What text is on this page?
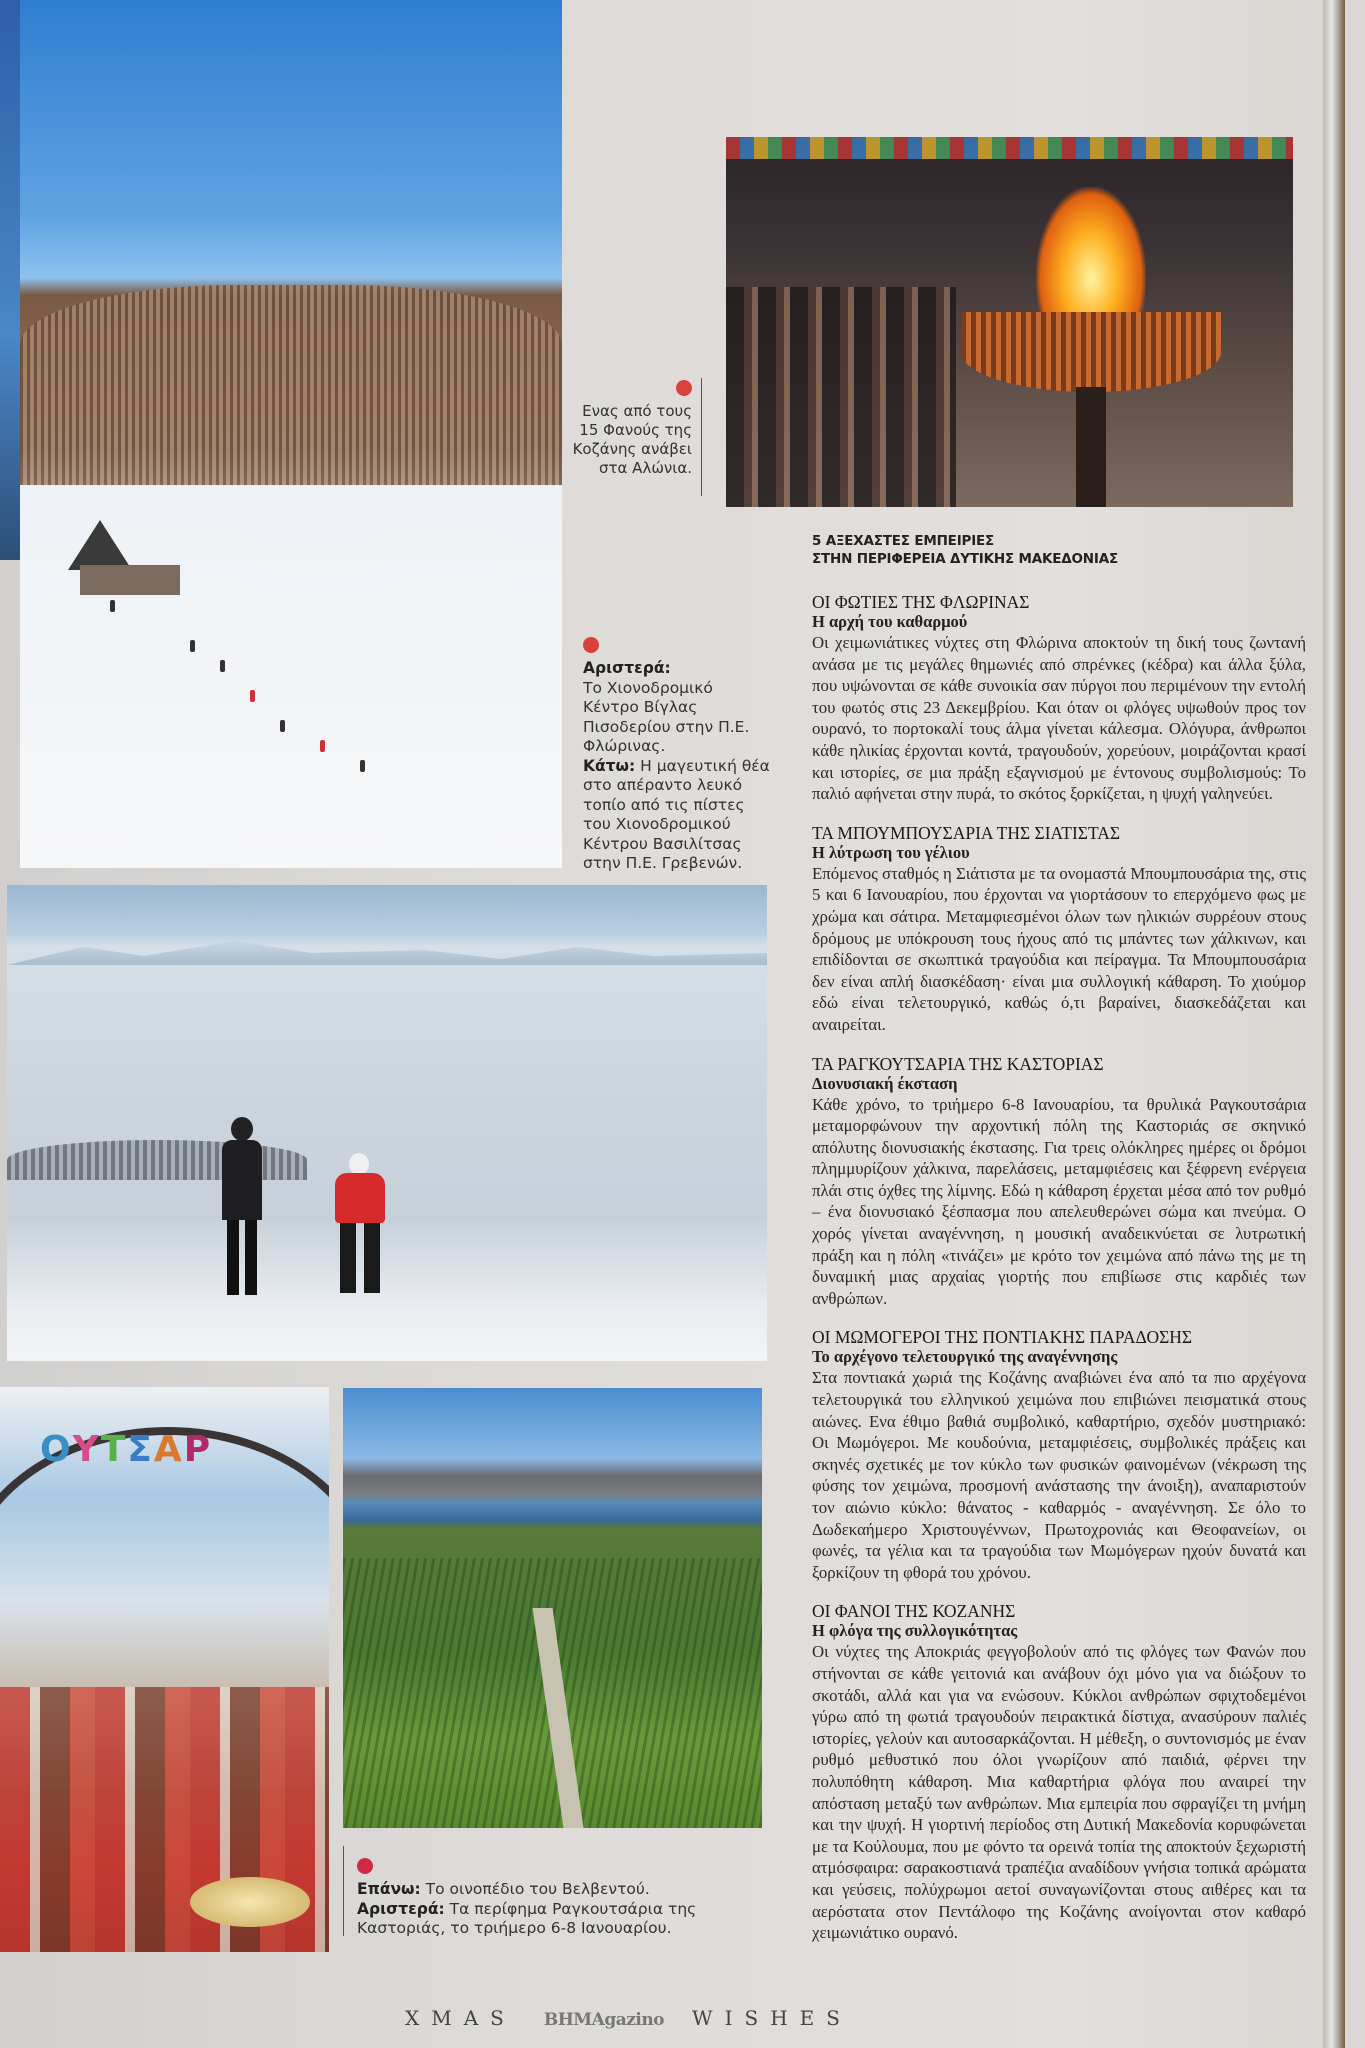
Ενας από τους 15 Φανούς της Κοζάνης ανάβει στα Αλώνια.
Αριστερά:
Το Χιονοδρομικό Κέντρο Βίγλας Πισοδερίου στην Π.Ε. Φλώρινας.
Κάτω: Η μαγευτική θέα στο απέραντο λευκό τοπίο από τις πίστες του Χιονοδρομικού Κέντρου Βασιλίτσας στην Π.Ε. Γρεβενών.
ΟΥΤΣΑΡ
Επάνω: Το οινοπέδιο του Βελβεντού.
Αριστερά: Τα περίφημα Ραγκουτσάρια της Καστοριάς, το τριήμερο 6-8 Ιανουαρίου.
5 ΑΞΕΧΑΣΤΕΣ ΕΜΠΕΙΡΙΕΣ
ΣΤΗΝ ΠΕΡΙΦΕΡΕΙΑ ΔΥΤΙΚΗΣ ΜΑΚΕΔΟΝΙΑΣ
ΟΙ ΦΩΤΙΕΣ ΤΗΣ ΦΛΩΡΙΝΑΣ
Η αρχή του καθαρμού

Οι χειμωνιάτικες νύχτες στη Φλώρινα αποκτούν τη δική τους ζωντανή ανάσα με τις μεγάλες θημωνιές από σπρένκες (κέδρα) και άλλα ξύλα, που υψώνονται σε κάθε συνοικία σαν πύργοι που περιμένουν την εντολή του φωτός στις 23 Δεκεμβρίου. Και όταν οι φλόγες υψωθούν προς τον ουρανό, το πορτοκαλί τους άλμα γίνεται κάλεσμα. Ολόγυρα, άνθρωποι κάθε ηλικίας έρχονται κοντά, τραγουδούν, χορεύουν, μοιράζονται κρασί και ιστορίες, σε μια πράξη εξαγνισμού με έντονους συμβολισμούς: Το παλιό αφήνεται στην πυρά, το σκότος ξορκίζεται, η ψυχή γαληνεύει.

ΤΑ ΜΠΟΥΜΠΟΥΣΑΡΙΑ ΤΗΣ ΣΙΑΤΙΣΤΑΣ
Η λύτρωση του γέλιου

Επόμενος σταθμός η Σιάτιστα με τα ονομαστά Μπουμπουσάρια της, στις 5 και 6 Ιανουαρίου, που έρχονται να γιορτάσουν το επερχόμενο φως με χρώμα και σάτιρα. Μεταμφιεσμένοι όλων των ηλικιών συρρέουν στους δρόμους με υπόκρουση τους ήχους από τις μπάντες των χάλκινων, και επιδίδονται σε σκωπτικά τραγούδια και πείραγμα. Τα Μπουμπουσάρια δεν είναι απλή διασκέδαση· είναι μια συλλογική κάθαρση. Το χιούμορ εδώ είναι τελετουργικό, καθώς ό,τι βαραίνει, διασκεδάζεται και αναιρείται.

ΤΑ ΡΑΓΚΟΥΤΣΑΡΙΑ ΤΗΣ ΚΑΣΤΟΡΙΑΣ
Διονυσιακή έκσταση

Κάθε χρόνο, το τριήμερο 6-8 Ιανουαρίου, τα θρυλικά Ραγκουτσάρια μεταμορφώνουν την αρχοντική πόλη της Καστοριάς σε σκηνικό απόλυτης διονυσιακής έκστασης. Για τρεις ολόκληρες ημέρες οι δρόμοι πλημμυρίζουν χάλκινα, παρελάσεις, μεταμφιέσεις και ξέφρενη ενέργεια πλάι στις όχθες της λίμνης. Εδώ η κάθαρση έρχεται μέσα από τον ρυθμό – ένα διονυσιακό ξέσπασμα που απελευθερώνει σώμα και πνεύμα. Ο χορός γίνεται αναγέννηση, η μουσική αναδεικνύεται σε λυτρωτική πράξη και η πόλη «τινάζει» με κρότο τον χειμώνα από πάνω της με τη δυναμική μιας αρχαίας γιορτής που επιβίωσε στις καρδιές των ανθρώπων.

ΟΙ ΜΩΜΟΓΕΡΟΙ ΤΗΣ ΠΟΝΤΙΑΚΗΣ ΠΑΡΑΔΟΣΗΣ
Το αρχέγονο τελετουργικό της αναγέννησης

Στα ποντιακά χωριά της Κοζάνης αναβιώνει ένα από τα πιο αρχέγονα τελετουργικά του ελληνικού χειμώνα που επιβιώνει πεισματικά στους αιώνες. Ενα έθιμο βαθιά συμβολικό, καθαρτήριο, σχεδόν μυστηριακό: Οι Μωμόγεροι. Με κουδούνια, μεταμφιέσεις, συμβολικές πράξεις και σκηνές σχετικές με τον κύκλο των φυσικών φαινομένων (νέκρωση της φύσης τον χειμώνα, προσμονή ανάστασης την άνοιξη), αναπαριστούν τον αιώνιο κύκλο: θάνατος - καθαρμός - αναγέννηση. Σε όλο το Δωδεκαήμερο Χριστουγέννων, Πρωτοχρονιάς και Θεοφανείων, οι φωνές, τα γέλια και τα τραγούδια των Μωμόγερων ηχούν δυνατά και ξορκίζουν τη φθορά του χρόνου.

ΟΙ ΦΑΝΟΙ ΤΗΣ ΚΟΖΑΝΗΣ
Η φλόγα της συλλογικότητας

Οι νύχτες της Αποκριάς φεγγοβολούν από τις φλόγες των Φανών που στήνονται σε κάθε γειτονιά και ανάβουν όχι μόνο για να διώξουν το σκοτάδι, αλλά και για να ενώσουν. Κύκλοι ανθρώπων σφιχτοδεμένοι γύρω από τη φωτιά τραγουδούν πειρακτικά δίστιχα, ανασύρουν παλιές ιστορίες, γελούν και αυτοσαρκάζονται. Η μέθεξη, ο συντονισμός με έναν ρυθμό μεθυστικό που όλοι γνωρίζουν από παιδιά, φέρνει την πολυπόθητη κάθαρση. Μια καθαρτήρια φλόγα που αναιρεί την απόσταση μεταξύ των ανθρώπων. Μια εμπειρία που σφραγίζει τη μνήμη και την ψυχή. Η γιορτινή περίοδος στη Δυτική Μακεδονία κορυφώνεται με τα Κούλουμα, που με φόντο τα ορεινά τοπία της αποκτούν ξεχωριστή ατμόσφαιρα: σαρακοστιανά τραπέζια αναδίδουν γνήσια τοπικά αρώματα και γεύσεις, πολύχρωμοι αετοί συναγωνίζονται στους αιθέρες και τα αερόστατα στον Πεντάλοφο της Κοζάνης ανοίγονται στον καθαρό χειμωνιάτικο ουρανό.

XMAS BHMAgazino WISHES
